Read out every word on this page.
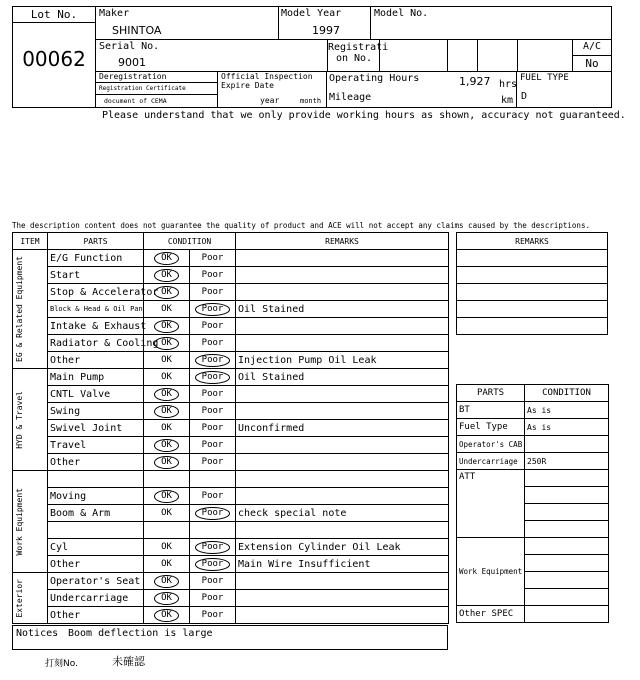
Lot No.
00062
Maker
SHINTOA
Model Year
1997
Model No.
Serial No.
9001
Registrati
on No.
A/C
No
Deregistration
Registration Certificate
document of CEMA
Official Inspection
Expire Date
year	month
Operating Hours	1,927 hrs
Mileage	km
FUEL TYPE
D
Please understand that we only provide working hours as shown, accuracy not guaranteed.
The description content does not guarantee the quality of product and ACE will not accept any claims caused by the descriptions.
ITEM	PARTS	CONDITION		REMARKS

EG & Related Equipment	E/G Function	OK	Poor	
	Start	OK	Poor	
	Stop & Accelerator	OK	Poor	
	Block & Head & Oil Pan	OK	Poor	Oil Stained
	Intake & Exhaust	OK	Poor	
	Radiator & Cooling	OK	Poor	
	Other	OK	Poor	Injection Pump Oil Leak

HYD & Travel	Main Pump	OK	Poor	Oil Stained
	CNTL Valve	OK	Poor	
	Swing	OK	Poor	
	Swivel Joint	OK	Poor	Unconfirmed
	Travel	OK	Poor	
	Other	OK	Poor	

Work Equipment				

	Moving	OK	Poor	
	Boom & Arm	OK	Poor	check special note

	Cyl	OK	Poor	Extension Cylinder Oil Leak
	Other	OK	Poor	Main Wire Insufficient

Exterior	Operator's Seat	OK	Poor	
	Undercarriage	OK	Poor	
	Other	OK	Poor	
Notices Boom deflection is large
打刻No.	未確認
REMARKS

PARTS	CONDITION
BT	As is
Fuel Type	As is
Operator's CAB	
Undercarriage	250R
ATT	

Work Equipment	

Other SPEC	
